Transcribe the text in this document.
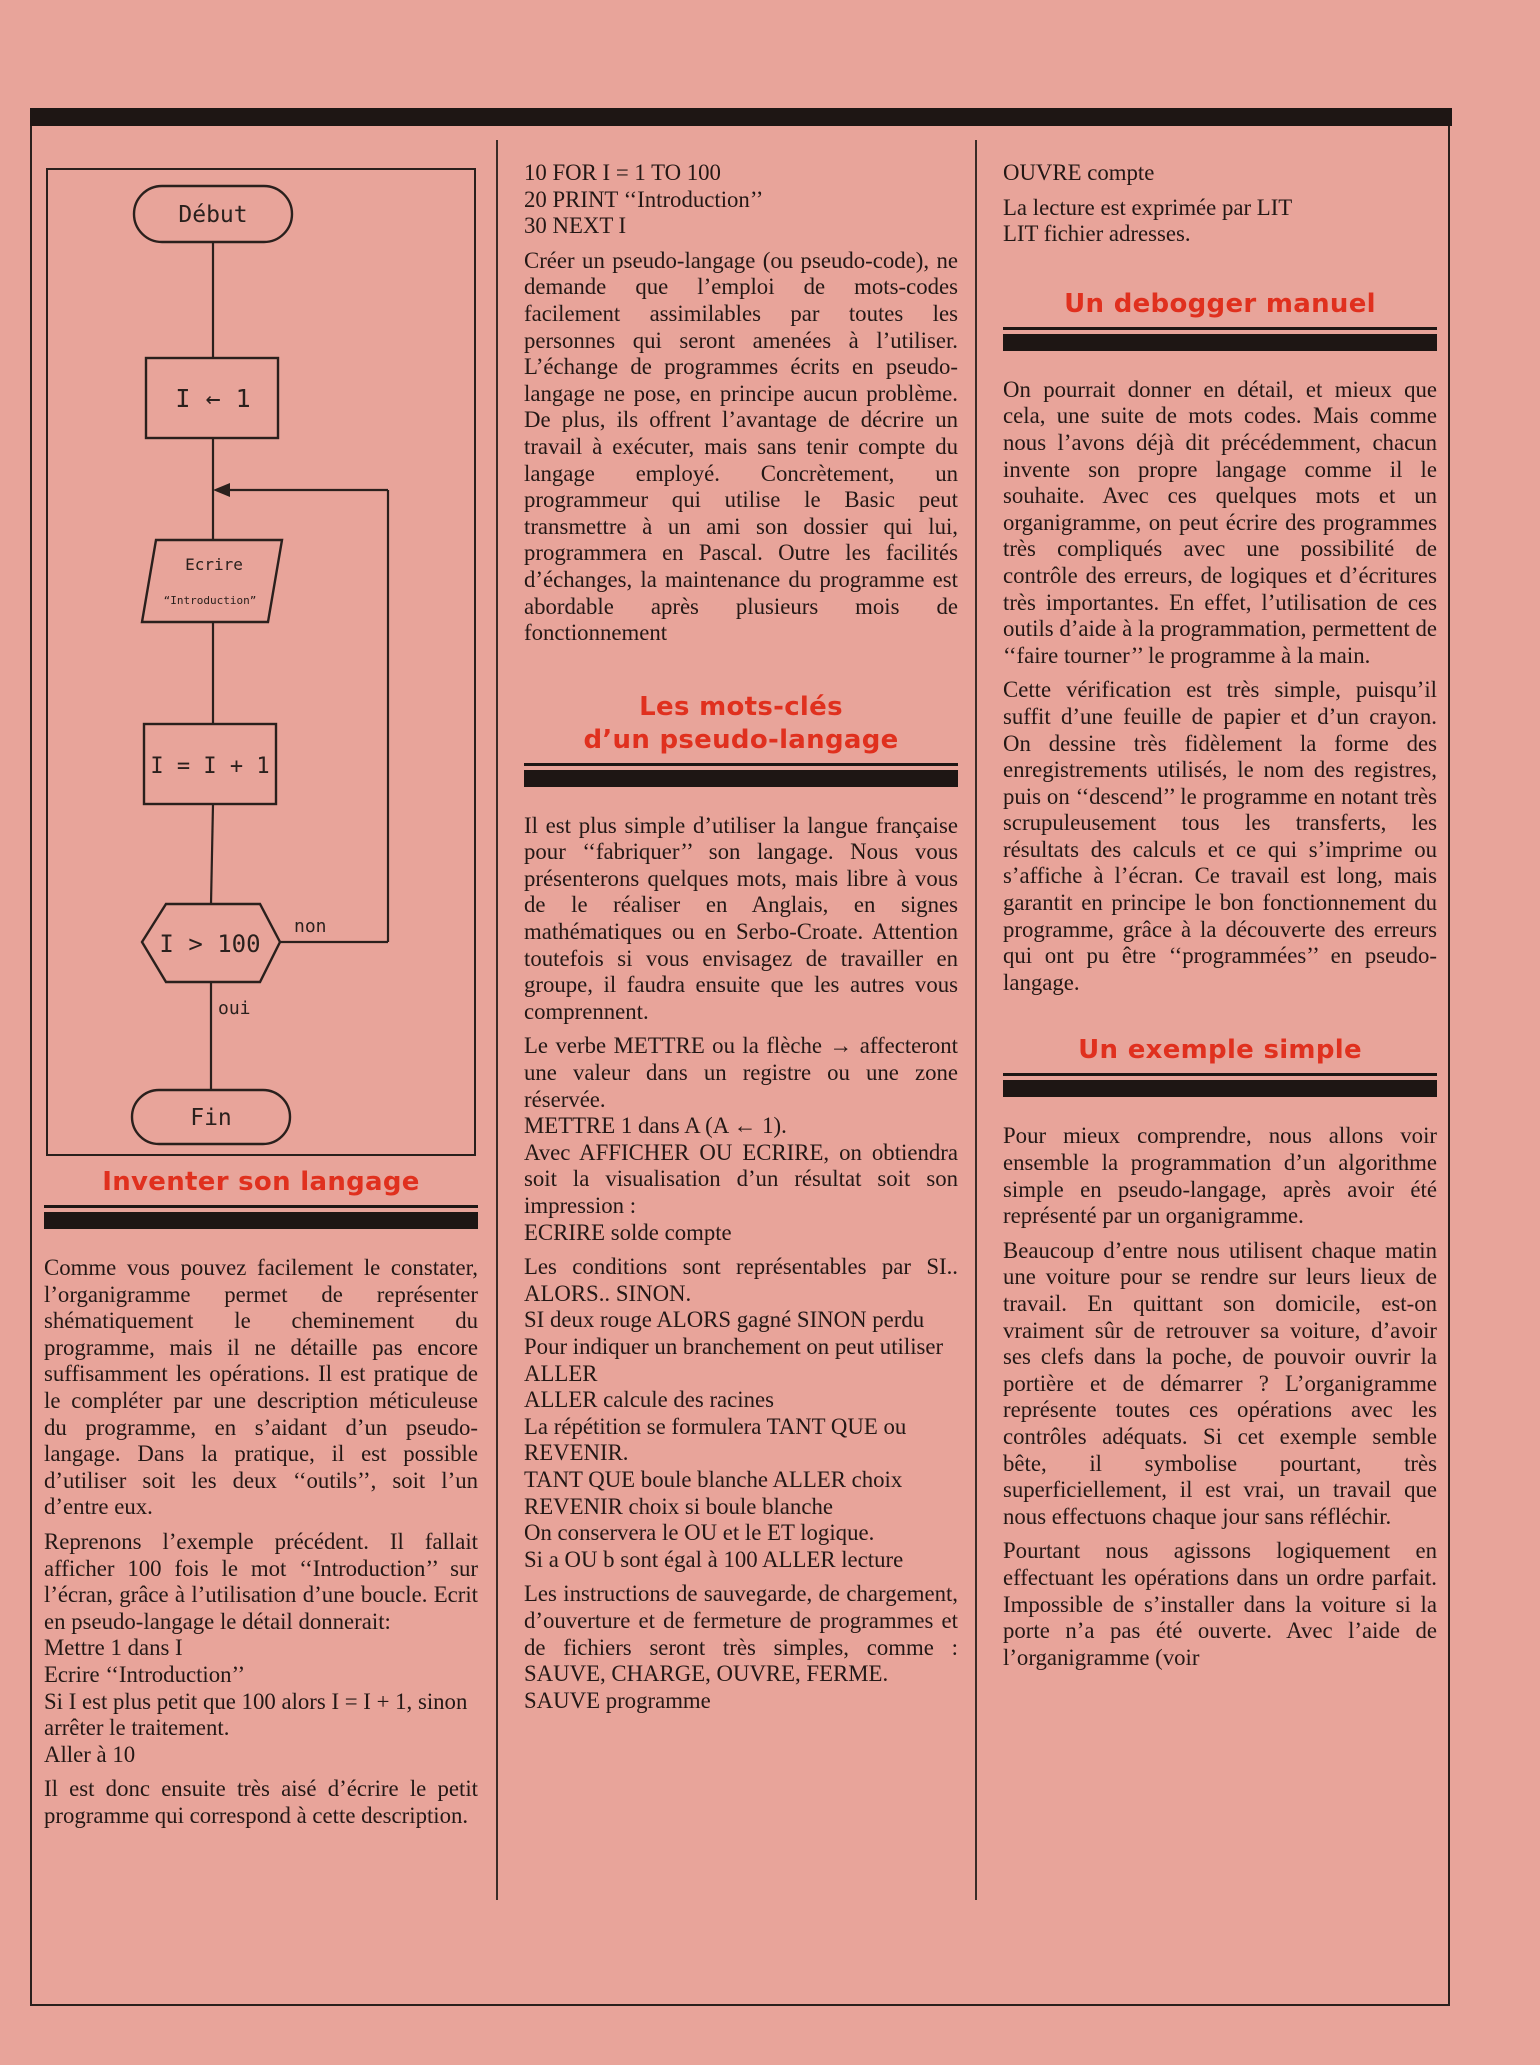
Début
I ← 1
Ecrire
“Introduction”
I = I + 1
I > 100
non
oui
Fin
Inventer son langage

Comme vous pouvez facilement le constater, l’organigramme permet de représenter shématiquement le cheminement du programme, mais il ne détaille pas encore suffisamment les opérations. Il est pratique de le compléter par une description méticuleuse du programme, en s’aidant d’un pseudo-langage. Dans la pratique, il est possible d’utiliser soit les deux ‘‘outils’’, soit l’un d’entre eux.

Reprenons l’exemple précédent. Il fallait afficher 100 fois le mot ‘‘Introduction’’ sur l’écran, grâce à l’utilisation d’une boucle. Ecrit en pseudo-langage le détail donnerait:

Mettre 1 dans I
Ecrire ‘‘Introduction’’
Si I est plus petit que 100 alors I = I + 1, sinon arrêter le traitement.
Aller à 10

Il est donc ensuite très aisé d’écrire le petit programme qui correspond à cette description.

10 FOR I = 1 TO 100
20 PRINT ‘‘Introduction’’
30 NEXT I

Créer un pseudo-langage (ou pseudo-code), ne demande que l’emploi de mots-codes facilement assimilables par toutes les personnes qui seront amenées à l’utiliser. L’échange de programmes écrits en pseudo-langage ne pose, en principe aucun problème. De plus, ils offrent l’avantage de décrire un travail à exécuter, mais sans tenir compte du langage employé. Concrètement, un programmeur qui utilise le Basic peut transmettre à un ami son dossier qui lui, programmera en Pascal. Outre les facilités d’échanges, la maintenance du programme est abordable après plusieurs mois de fonctionnement

Les mots-clés
d’un pseudo-langage

Il est plus simple d’utiliser la langue française pour ‘‘fabriquer’’ son langage. Nous vous présenterons quelques mots, mais libre à vous de le réaliser en Anglais, en signes mathématiques ou en Serbo-Croate. Attention toutefois si vous envisagez de travailler en groupe, il faudra ensuite que les autres vous comprennent.

Le verbe METTRE ou la flèche → affecteront une valeur dans un registre ou une zone réservée.

METTRE 1 dans A (A ← 1).
Avec AFFICHER OU ECRIRE, on obtiendra soit la visualisation d’un résultat soit son impression :
ECRIRE solde compte

Les conditions sont représentables par SI.. ALORS.. SINON.

SI deux rouge ALORS gagné SINON perdu
Pour indiquer un branchement on peut utiliser ALLER
ALLER calcule des racines
La répétition se formulera TANT QUE ou REVENIR.
TANT QUE boule blanche ALLER choix
REVENIR choix si boule blanche
On conservera le OU et le ET logique.
Si a OU b sont égal à 100 ALLER lecture

Les instructions de sauvegarde, de chargement, d’ouverture et de fermeture de programmes et de fichiers seront très simples, comme : SAUVE, CHARGE, OUVRE, FERME.

SAUVE programme
OUVRE compte
La lecture est exprimée par LIT
LIT fichier adresses.
Un debogger manuel

On pourrait donner en détail, et mieux que cela, une suite de mots codes. Mais comme nous l’avons déjà dit précédemment, chacun invente son propre langage comme il le souhaite. Avec ces quelques mots et un organigramme, on peut écrire des programmes très compliqués avec une possibilité de contrôle des erreurs, de logiques et d’écritures très importantes. En effet, l’utilisation de ces outils d’aide à la programmation, permettent de ‘‘faire tourner’’ le programme à la main.

Cette vérification est très simple, puisqu’il suffit d’une feuille de papier et d’un crayon. On dessine très fidèlement la forme des enregistrements utilisés, le nom des registres, puis on ‘‘descend’’ le programme en notant très scrupuleusement tous les transferts, les résultats des calculs et ce qui s’imprime ou s’affiche à l’écran. Ce travail est long, mais garantit en principe le bon fonctionnement du programme, grâce à la découverte des erreurs qui ont pu être ‘‘programmées’’ en pseudo-langage.

Un exemple simple

Pour mieux comprendre, nous allons voir ensemble la programmation d’un algorithme simple en pseudo-langage, après avoir été représenté par un organigramme.

Beaucoup d’entre nous utilisent chaque matin une voiture pour se rendre sur leurs lieux de travail. En quittant son domicile, est-on vraiment sûr de retrouver sa voiture, d’avoir ses clefs dans la poche, de pouvoir ouvrir la portière et de démarrer ? L’organigramme représente toutes ces opérations avec les contrôles adéquats. Si cet exemple semble bête, il symbolise pourtant, très superficiellement, il est vrai, un travail que nous effectuons chaque jour sans réfléchir.

Pourtant nous agissons logiquement en effectuant les opérations dans un ordre parfait. Impossible de s’installer dans la voiture si la porte n’a pas été ouverte. Avec l’aide de l’organigramme (voir
